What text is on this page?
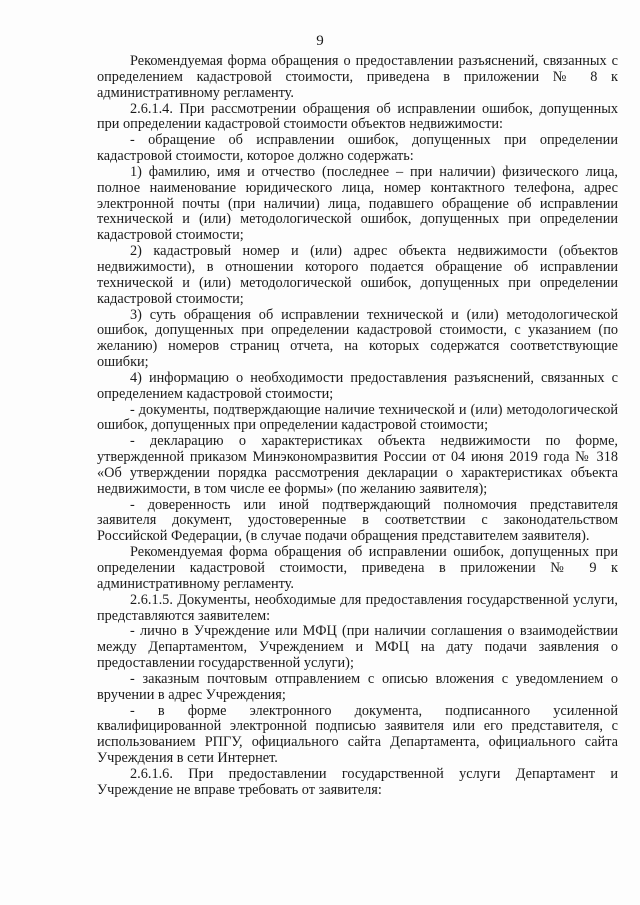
9

Рекомендуемая форма обращения о предоставлении разъяснений, связанных с определением кадастровой стоимости, приведена в приложении № 8 к административному регламенту.

2.6.1.4. При рассмотрении обращения об исправлении ошибок, допущенных при определении кадастровой стоимости объектов недвижимости:

- обращение об исправлении ошибок, допущенных при определении кадастровой стоимости, которое должно содержать:

1) фамилию, имя и отчество (последнее – при наличии) физического лица, полное наименование юридического лица, номер контактного телефона, адрес электронной почты (при наличии) лица, подавшего обращение об исправлении технической и (или) методологической ошибок, допущенных при определении кадастровой стоимости;

2) кадастровый номер и (или) адрес объекта недвижимости (объектов недвижимости), в отношении которого подается обращение об исправлении технической и (или) методологической ошибок, допущенных при определении кадастровой стоимости;

3) суть обращения об исправлении технической и (или) методологической ошибок, допущенных при определении кадастровой стоимости, с указанием (по желанию) номеров страниц отчета, на которых содержатся соответствующие ошибки;

4) информацию о необходимости предоставления разъяснений, связанных с определением кадастровой стоимости;

- документы, подтверждающие наличие технической и (или) методологической ошибок, допущенных при определении кадастровой стоимости;

- декларацию о характеристиках объекта недвижимости по форме, утвержденной приказом Минэкономразвития России от 04 июня 2019 года № 318 «Об утверждении порядка рассмотрения декларации о характеристиках объекта недвижимости, в том числе ее формы» (по желанию заявителя);

- доверенность или иной подтверждающий полномочия представителя заявителя документ, удостоверенные в соответствии с законодательством Российской Федерации, (в случае подачи обращения представителем заявителя).

Рекомендуемая форма обращения об исправлении ошибок, допущенных при определении кадастровой стоимости, приведена в приложении № 9 к административному регламенту.

2.6.1.5. Документы, необходимые для предоставления государственной услуги, представляются заявителем:

- лично в Учреждение или МФЦ (при наличии соглашения о взаимодействии между Департаментом, Учреждением и МФЦ на дату подачи заявления о предоставлении государственной услуги);

- заказным почтовым отправлением с описью вложения с уведомлением о вручении в адрес Учреждения;

- в форме электронного документа, подписанного усиленной квалифицированной электронной подписью заявителя или его представителя, с использованием РПГУ, официального сайта Департамента, официального сайта Учреждения в сети Интернет.

2.6.1.6. При предоставлении государственной услуги Департамент и Учреждение не вправе требовать от заявителя:
